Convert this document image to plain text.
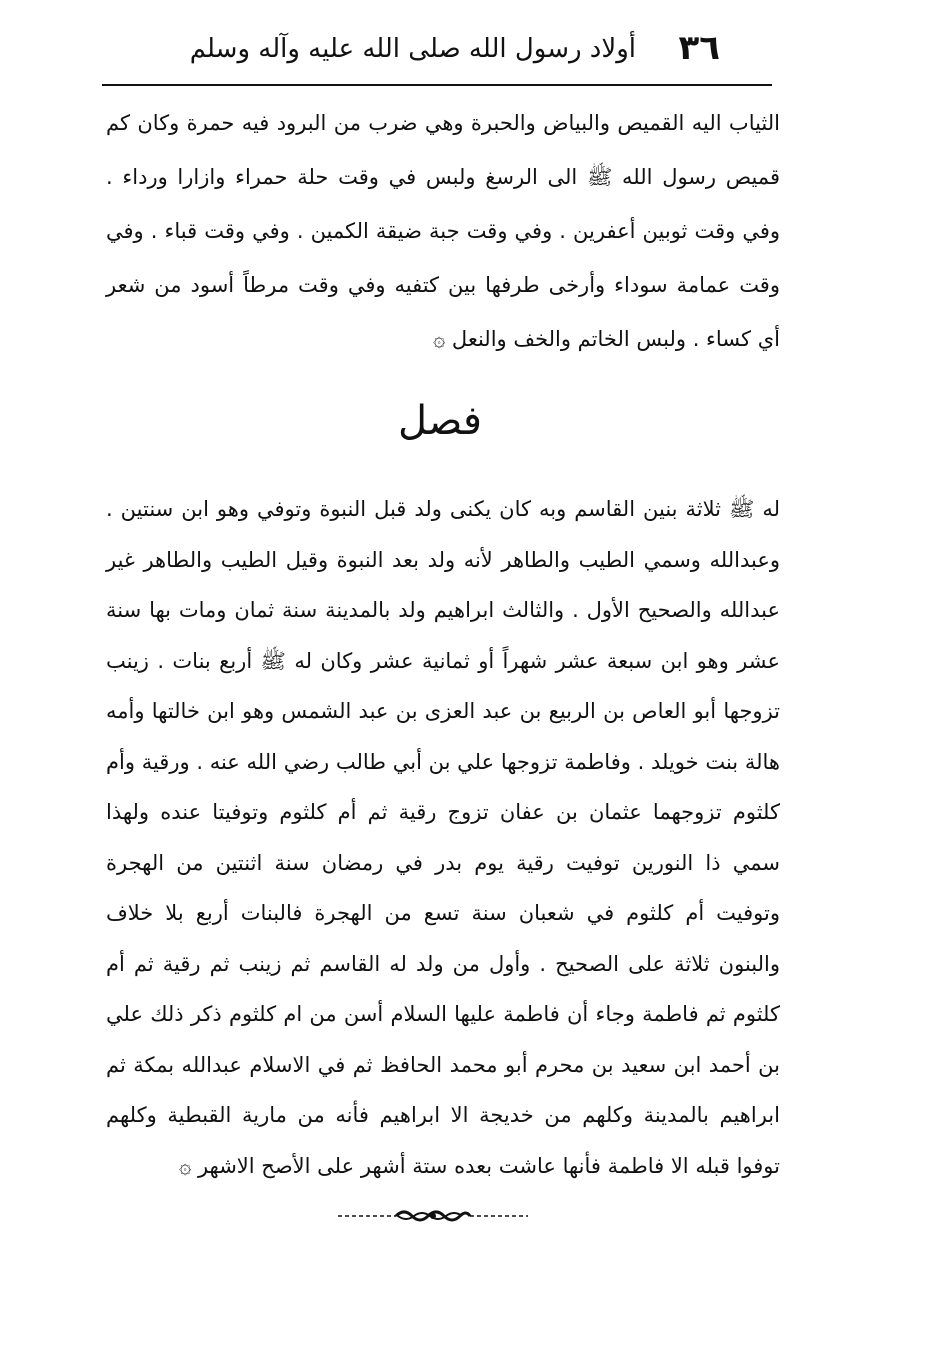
٣٦
أولاد رسول الله صلى الله عليه وآله وسلم
الثياب اليه القميص والبياض والحبرة وهي ضرب من البرود فيه حمرة وكان كم قميص رسول الله ﷺ الى الرسغ ولبس في وقت حلة حمراء وازارا ورداء . وفي وقت ثوبين أعفرين . وفي وقت جبة ضيقة الكمين . وفي وقت قباء . وفي وقت عمامة سوداء وأرخى طرفها بين كتفيه وفي وقت مرطاً أسود من شعر أي كساء . ولبس الخاتم والخف والنعل ۞
فصل
له ﷺ ثلاثة بنين القاسم وبه كان يكنى ولد قبل النبوة وتوفي وهو ابن سنتين . وعبدالله وسمي الطيب والطاهر لأنه ولد بعد النبوة وقيل الطيب والطاهر غير عبدالله والصحيح الأول . والثالث ابراهيم ولد بالمدينة سنة ثمان ومات بها سنة عشر وهو ابن سبعة عشر شهراً أو ثمانية عشر وكان له ﷺ أربع بنات . زينب تزوجها أبو العاص بن الربيع بن عبد العزى بن عبد الشمس وهو ابن خالتها وأمه هالة بنت خويلد . وفاطمة تزوجها علي بن أبي طالب رضي الله عنه . ورقية وأم كلثوم تزوجهما عثمان بن عفان تزوج رقية ثم أم كلثوم وتوفيتا عنده ولهذا سمي ذا النورين توفيت رقية يوم بدر في رمضان سنة اثنتين من الهجرة وتوفيت أم كلثوم في شعبان سنة تسع من الهجرة فالبنات أربع بلا خلاف والبنون ثلاثة على الصحيح . وأول من ولد له القاسم ثم زينب ثم رقية ثم أم كلثوم ثم فاطمة وجاء أن فاطمة عليها السلام أسن من ام كلثوم ذكر ذلك علي بن أحمد ابن سعيد بن محرم أبو محمد الحافظ ثم في الاسلام عبدالله بمكة ثم ابراهيم بالمدينة وكلهم من خديجة الا ابراهيم فأنه من مارية القبطية وكلهم توفوا قبله الا فاطمة فأنها عاشت بعده ستة أشهر على الأصح الاشهر ۞
